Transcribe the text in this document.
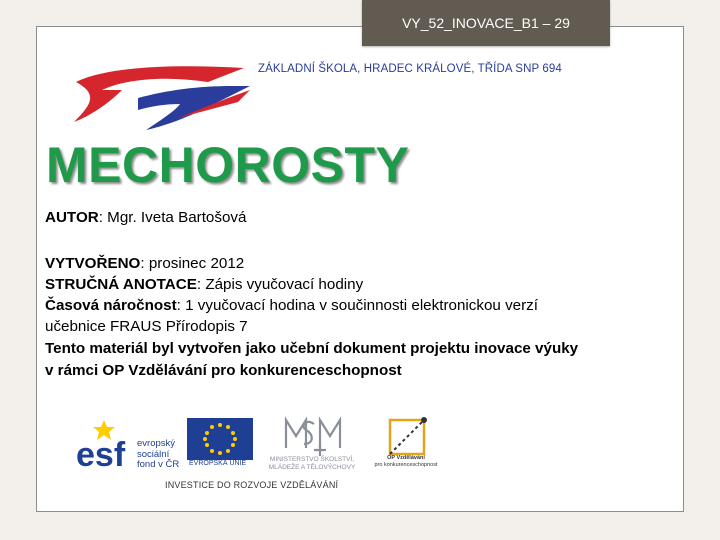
VY_52_INOVACE_B1 – 29
ZÁKLADNÍ ŠKOLA, HRADEC KRÁLOVÉ, TŘÍDA SNP 694
MECHOROSTY
AUTOR: Mgr. Iveta Bartošová
VYTVOŘENO: prosinec 2012
STRUČNÁ ANOTACE: Zápis vyučovací hodiny
Časová náročnost: 1 vyučovací hodina v součinnosti elektronickou verzí
učebnice FRAUS Přírodopis 7
Tento materiál byl vytvořen jako učební dokument projektu inovace výuky
v rámci OP Vzdělávání pro konkurenceschopnost
esf evropský
sociální
fond v ČR EVROPSKÁ UNIE
MINISTERSTVO ŠKOLSTVÍ,
MLÁDEŽE A TĚLOVÝCHOVY
OP Vzdělávání
pro konkurenceschopnost
INVESTICE DO ROZVOJE VZDĚLÁVÁNÍ
